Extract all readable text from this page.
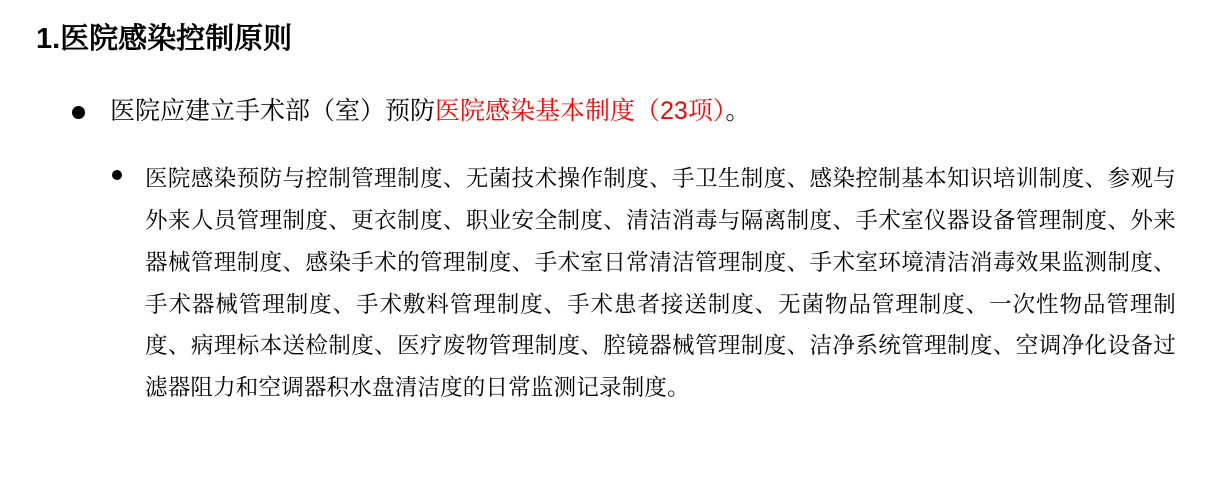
1.医院感染控制原则
医院应建立手术部（室）预防医院感染基本制度（23项）。
医院感染预防与控制管理制度、无菌技术操作制度、手卫生制度、感染控制基本知识培训制度、参观与外来人员管理制度、更衣制度、职业安全制度、清洁消毒与隔离制度、手术室仪器设备管理制度、外来器械管理制度、感染手术的管理制度、手术室日常清洁管理制度、手术室环境清洁消毒效果监测制度、手术器械管理制度、手术敷料管理制度、手术患者接送制度、无菌物品管理制度、一次性物品管理制度、病理标本送检制度、医疗废物管理制度、腔镜器械管理制度、洁净系统管理制度、空调净化设备过滤器阻力和空调器积水盘清洁度的日常监测记录制度。
